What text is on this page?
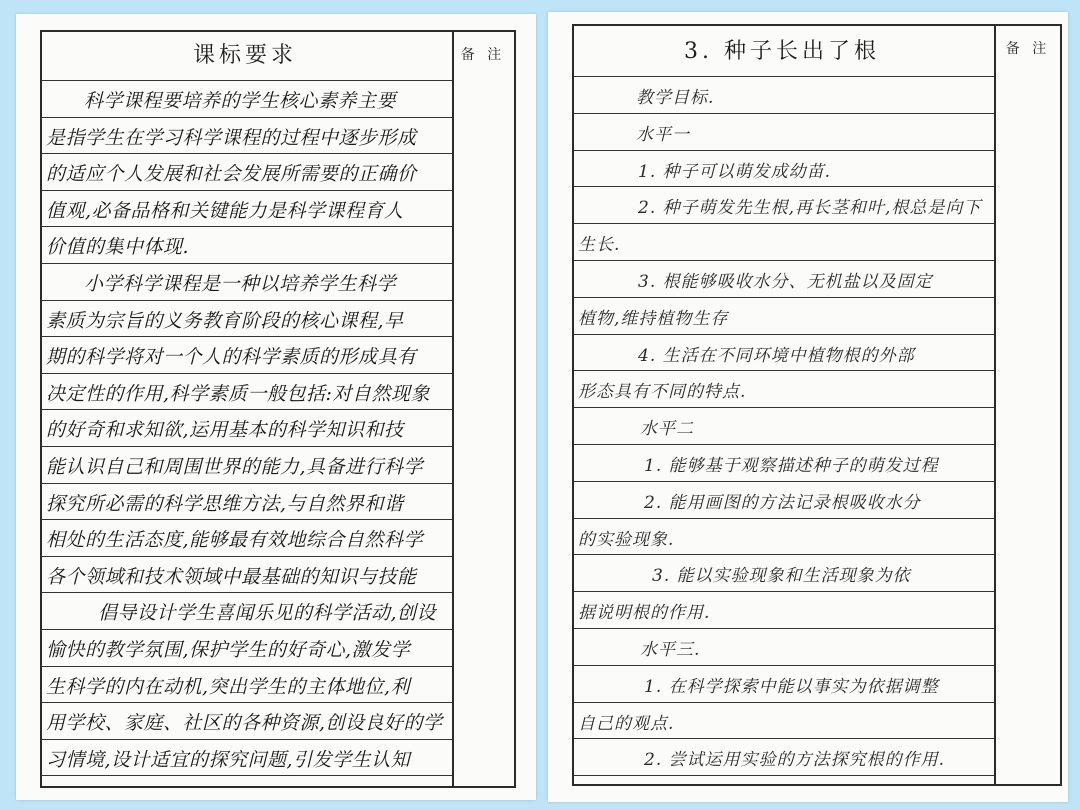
课标要求	备 注
科学课程要培养的学生核心素养主要
是指学生在学习科学课程的过程中逐步形成
的适应个人发展和社会发展所需要的正确价
值观,必备品格和关键能力是科学课程育人
价值的集中体现.
小学科学课程是一种以培养学生科学
素质为宗旨的义务教育阶段的核心课程,早
期的科学将对一个人的科学素质的形成具有
决定性的作用,科学素质一般包括:对自然现象
的好奇和求知欲,运用基本的科学知识和技
能认识自己和周围世界的能力,具备进行科学
探究所必需的科学思维方法,与自然界和谐
相处的生活态度,能够最有效地综合自然科学
各个领域和技术领域中最基础的知识与技能
倡导设计学生喜闻乐见的科学活动,创设
愉快的教学氛围,保护学生的好奇心,激发学
生科学的内在动机,突出学生的主体地位,利
用学校、家庭、社区的各种资源,创设良好的学
习情境,设计适宜的探究问题,引发学生认知
3. 种子长出了根	备 注
教学目标.
水平一
1. 种子可以萌发成幼苗.
2. 种子萌发先生根,再长茎和叶,根总是向下
生长.
3. 根能够吸收水分、无机盐以及固定
植物,维持植物生存
4. 生活在不同环境中植物根的外部
形态具有不同的特点.
水平二
1. 能够基于观察描述种子的萌发过程
2. 能用画图的方法记录根吸收水分
的实验现象.
3. 能以实验现象和生活现象为依
据说明根的作用.
水平三.
1. 在科学探索中能以事实为依据调整
自己的观点.
2. 尝试运用实验的方法探究根的作用.
